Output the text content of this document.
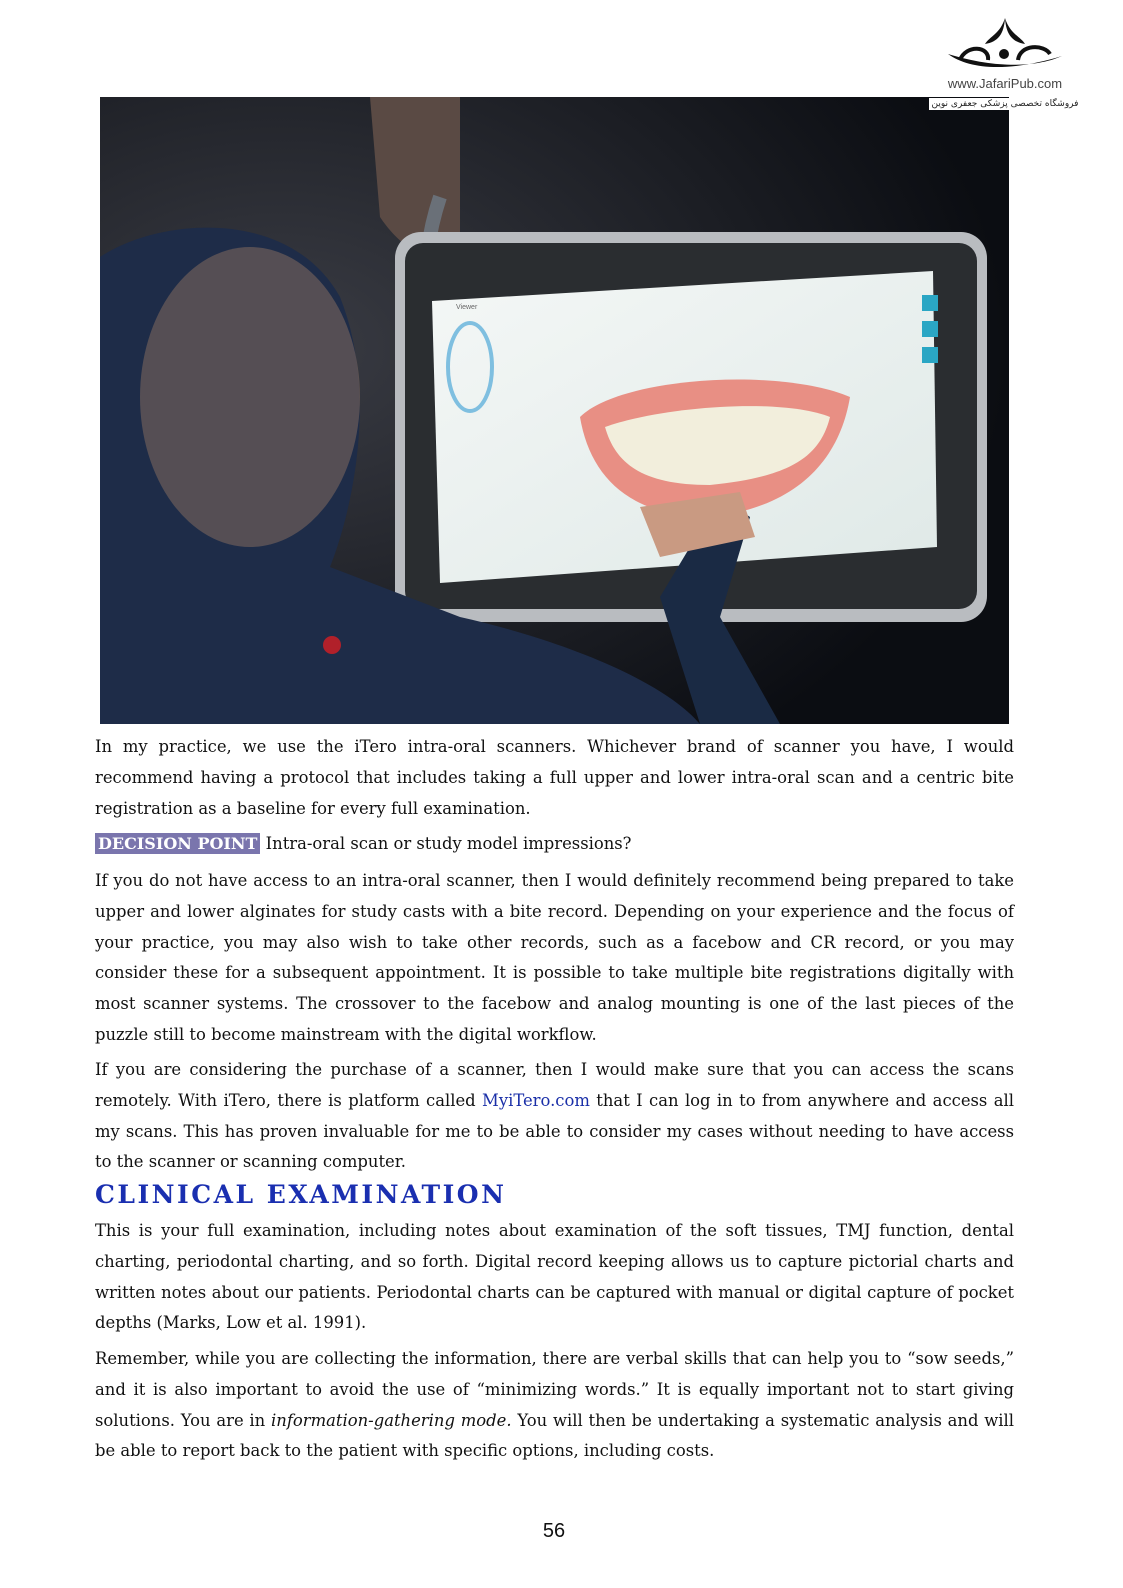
www.JafariPub.com
فروشگاه تخصصی پزشکی جعفری نوین
Viewer

In my practice, we use the iTero intra-oral scanners. Whichever brand of scanner you have, I would recommend having a protocol that includes taking a full upper and lower intra-oral scan and a centric bite registration as a baseline for every full examination.

DECISION POINT Intra-oral scan or study model impressions?

If you do not have access to an intra-oral scanner, then I would definitely recommend being prepared to take upper and lower alginates for study casts with a bite record. Depending on your experience and the focus of your practice, you may also wish to take other records, such as a facebow and CR record, or you may consider these for a subsequent appointment. It is possible to take multiple bite registrations digitally with most scanner systems. The crossover to the facebow and analog mounting is one of the last pieces of the puzzle still to become mainstream with the digital workflow.

If you are considering the purchase of a scanner, then I would make sure that you can access the scans remotely. With iTero, there is platform called MyiTero.com that I can log in to from anywhere and access all my scans. This has proven invaluable for me to be able to consider my cases without needing to have access to the scanner or scanning computer.

CLINICAL EXAMINATION

This is your full examination, including notes about examination of the soft tissues, TMJ function, dental charting, periodontal charting, and so forth. Digital record keeping allows us to capture pictorial charts and written notes about our patients. Periodontal charts can be captured with manual or digital capture of pocket depths (Marks, Low et al. 1991).

Remember, while you are collecting the information, there are verbal skills that can help you to “sow seeds,” and it is also important to avoid the use of “minimizing words.” It is equally important not to start giving solutions. You are in information-gathering mode. You will then be undertaking a systematic analysis and will be able to report back to the patient with specific options, including costs.

56
